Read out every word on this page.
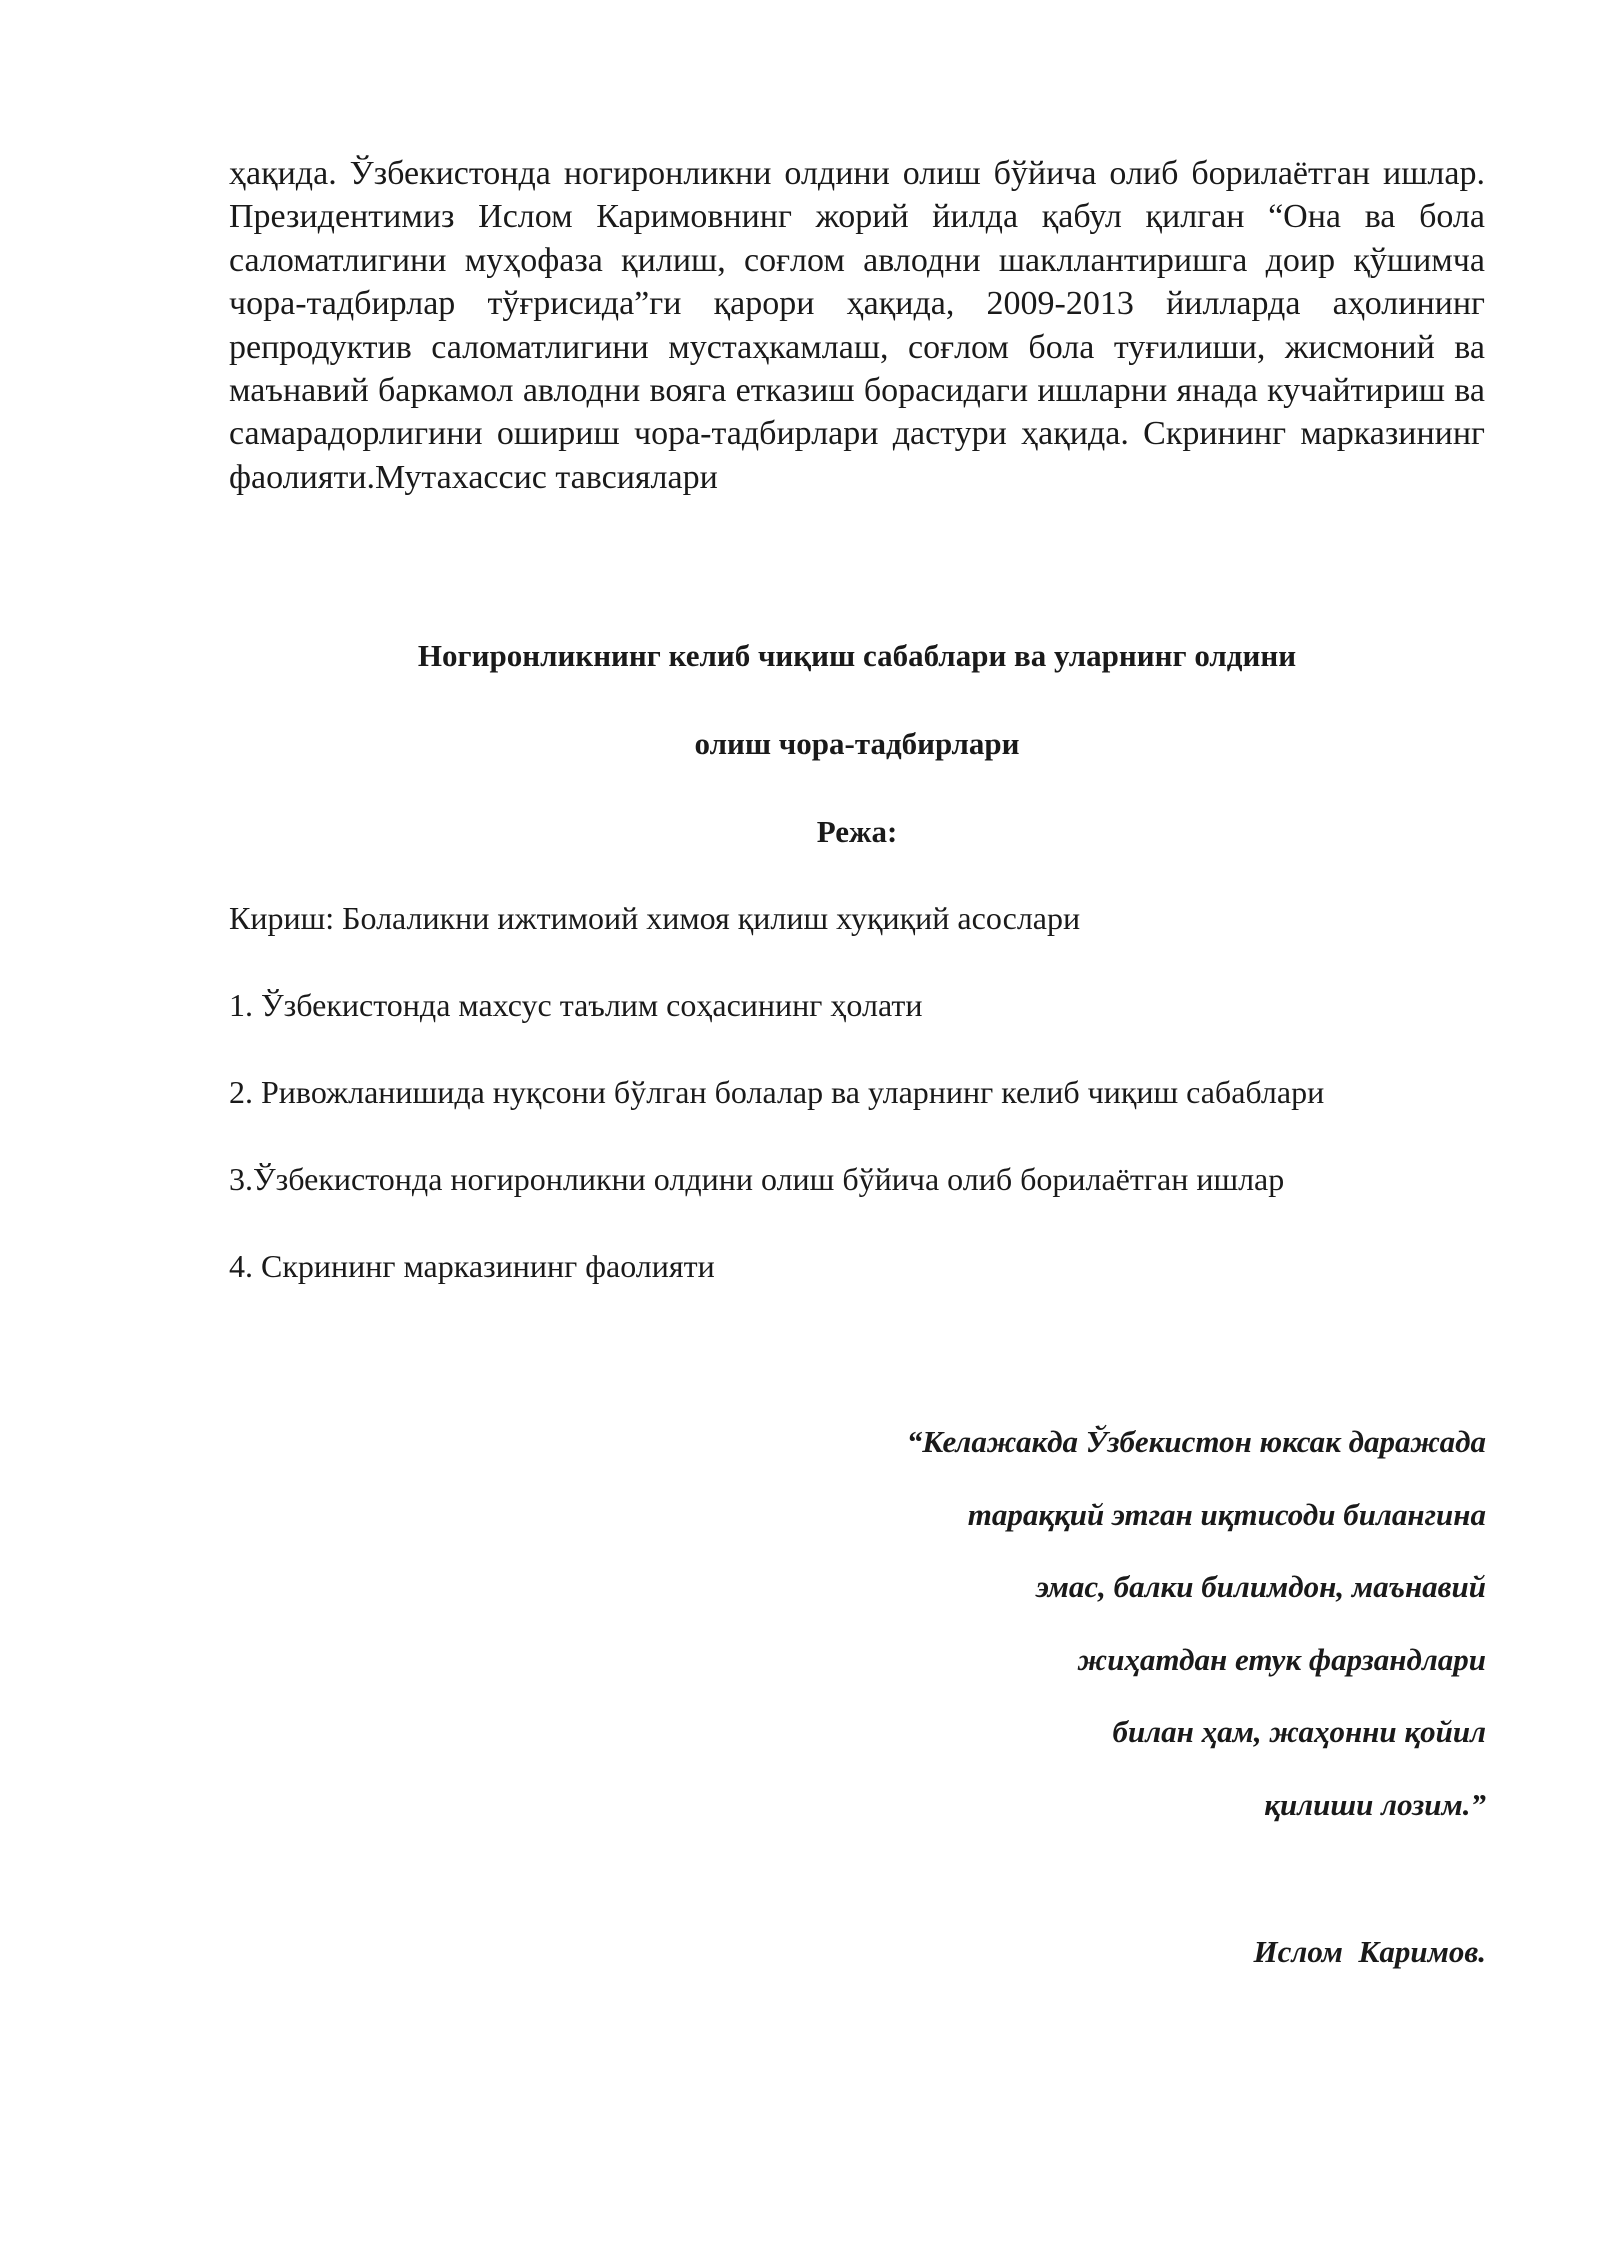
ҳақида. Ўзбекистонда ногиронликни олдини олиш бўйича олиб борилаётган ишлар. Президентимиз Ислом Каримовнинг жорий йилда қабул қилган “Она ва бола саломатлигини муҳофаза қилиш, соғлом авлодни шакллантиришга доир қўшимча чора-тадбирлар тўғрисида”ги қарори ҳақида, 2009-2013 йилларда аҳолининг репродуктив саломатлигини мустаҳкамлаш, соғлом бола туғилиши, жисмоний ва маънавий баркамол авлодни вояга етказиш борасидаги ишларни янада кучайтириш ва самарадорлигини ошириш чора-тадбирлари дастури ҳақида. Скрининг марказининг фаолияти.Мутахассис тавсиялари

Ногиронликнинг келиб чиқиш сабаблари ва уларнинг олдини

олиш чора-тадбирлари

Режа:

Кириш: Болаликни ижтимоий химоя қилиш хуқиқий асослари

1. Ўзбекистонда махсус таълим соҳасининг ҳолати

2. Ривожланишида нуқсони бўлган болалар ва уларнинг келиб чиқиш сабаблари

3.Ўзбекистонда ногиронликни олдини олиш бўйича олиб борилаётган ишлар

4. Скрининг марказининг фаолияти

“Келажакда Ўзбекистон юксак даражада

тараққий этган иқтисоди билангина

эмас, балки билимдон, маънавий

жиҳатдан етук фарзандлари

билан ҳам, жаҳонни қойил

қилиши лозим.”

Ислом  Каримов.
